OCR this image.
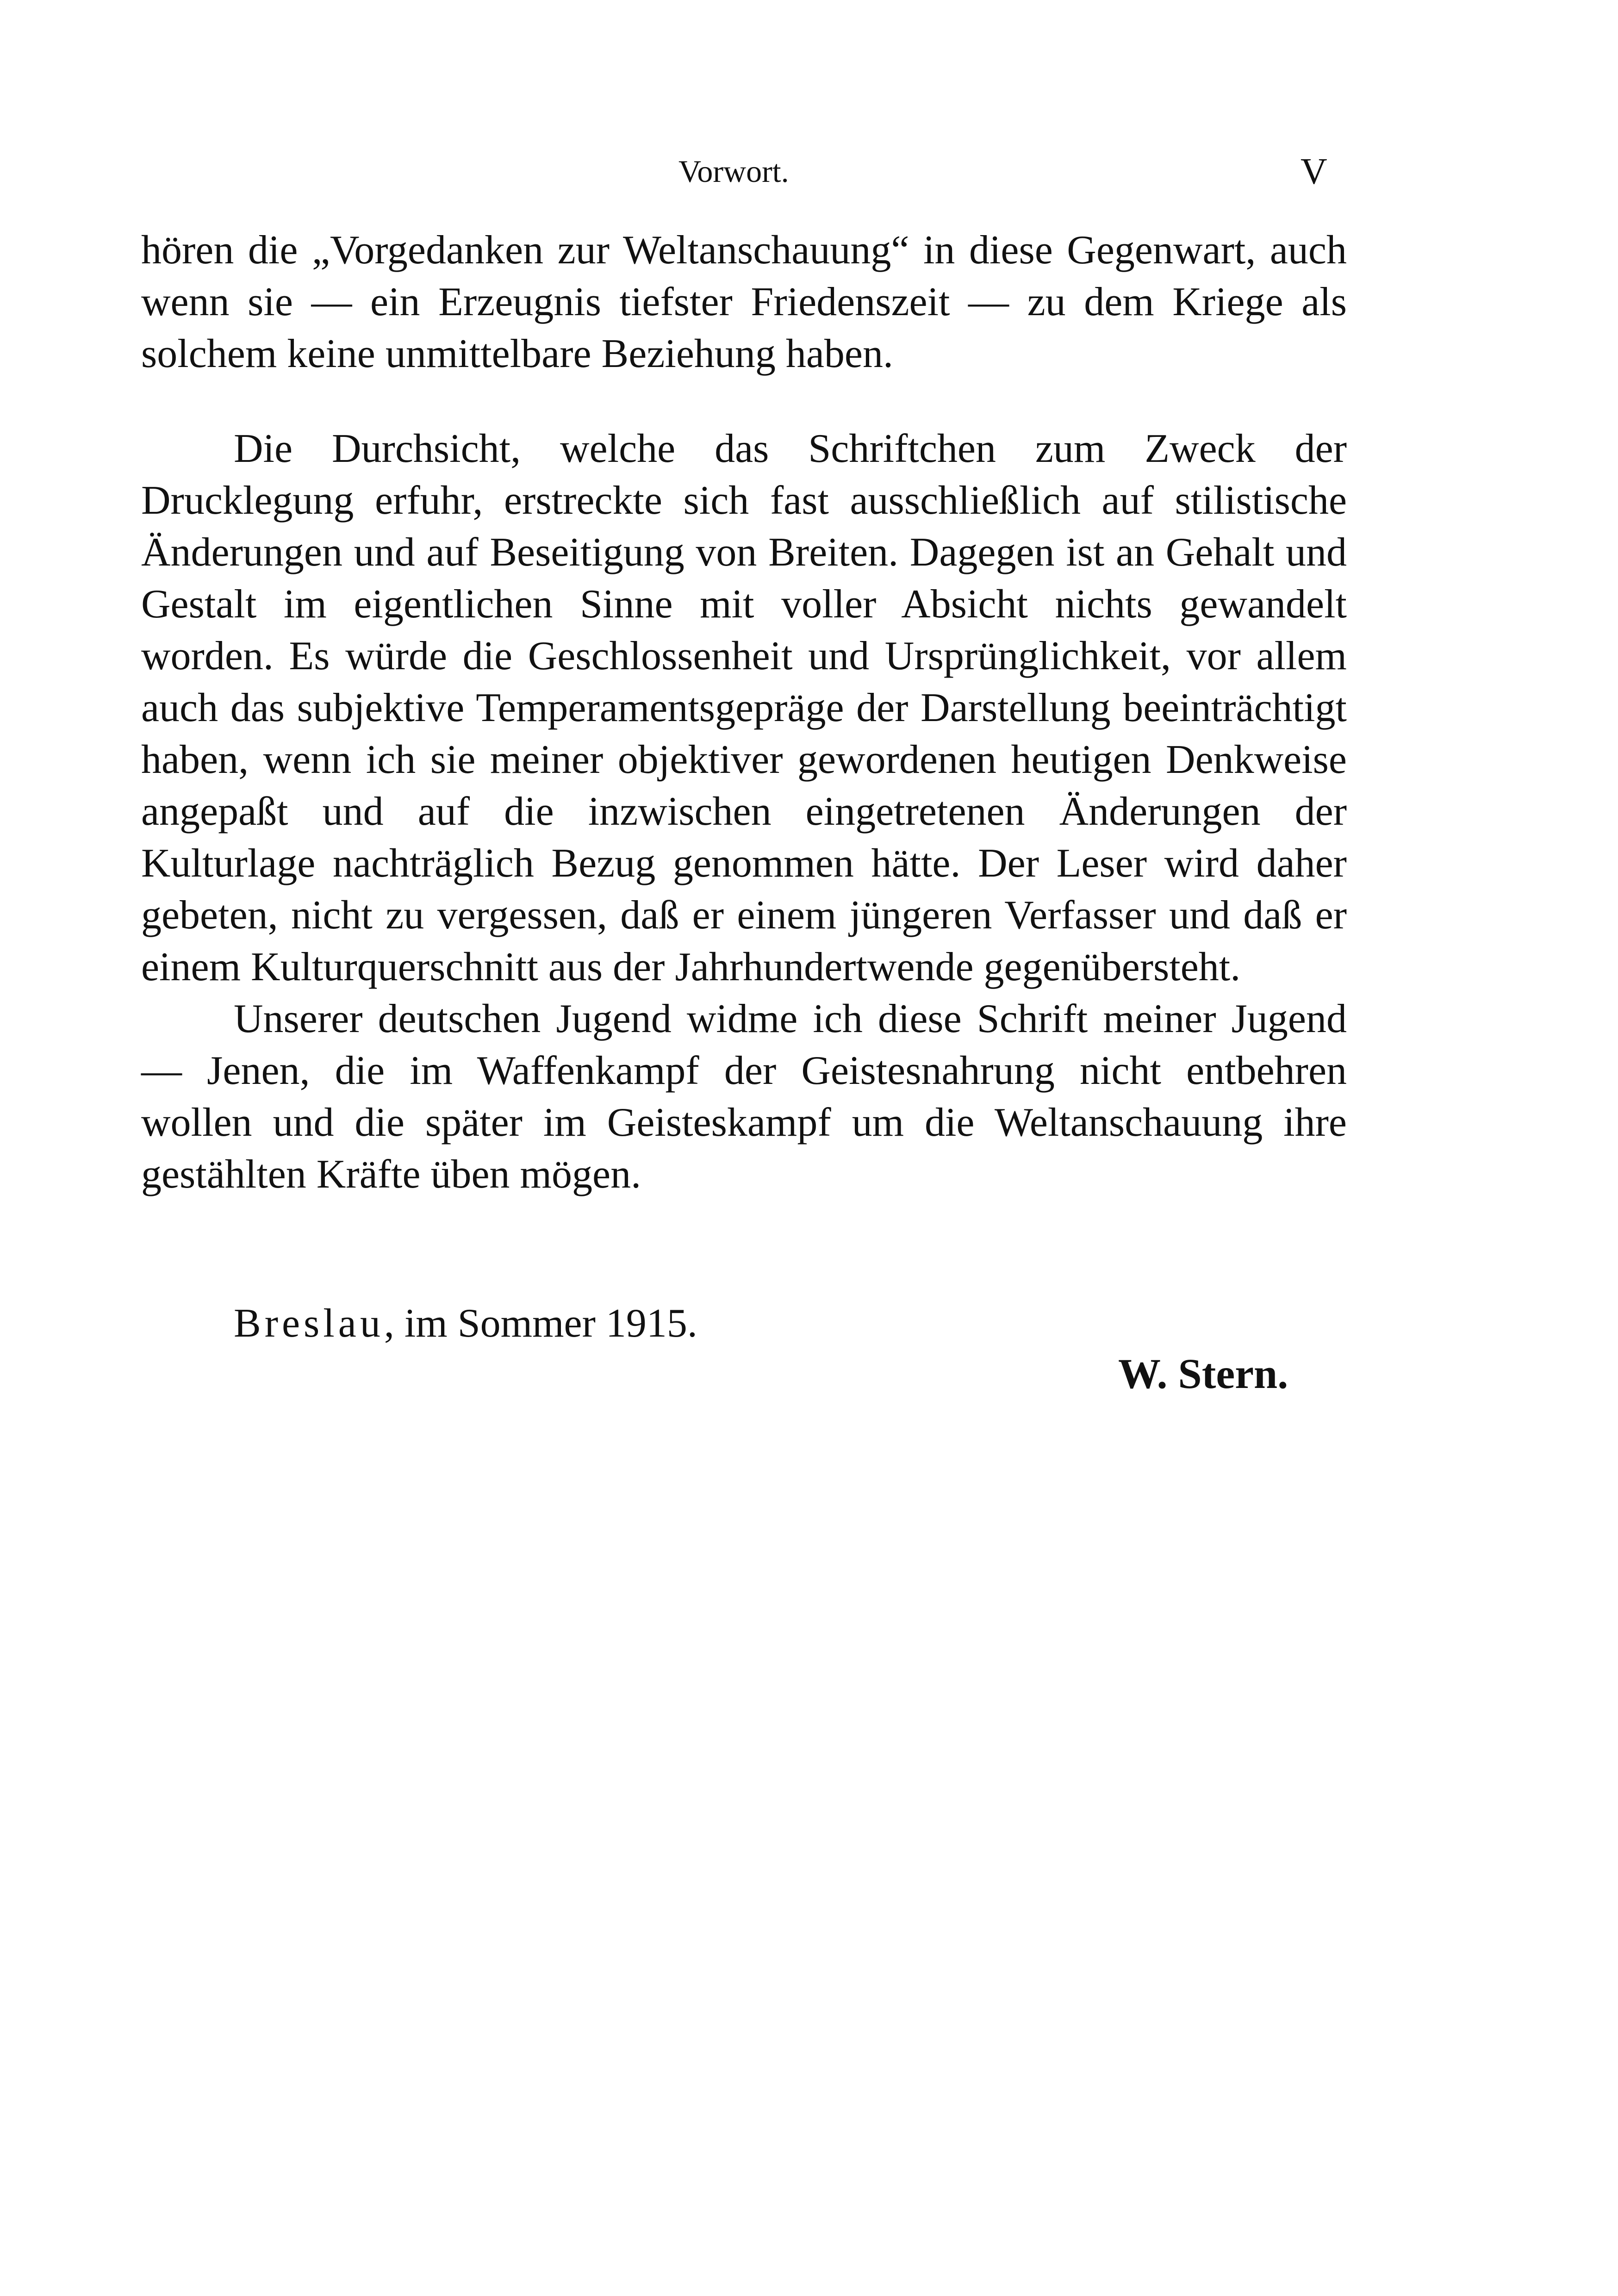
Vorwort.	V

hören die „Vorgedanken zur Weltanschauung“ in diese Gegenwart, auch wenn sie — ein Erzeugnis tiefster Friedenszeit — zu dem Kriege als solchem keine unmittelbare Beziehung haben.

Die Durchsicht, welche das Schriftchen zum Zweck der Drucklegung erfuhr, erstreckte sich fast ausschließlich auf stilistische Änderungen und auf Beseitigung von Breiten. Dagegen ist an Gehalt und Gestalt im eigentlichen Sinne mit voller Absicht nichts gewandelt worden. Es würde die Geschlossenheit und Ursprünglichkeit, vor allem auch das subjektive Temperamentsgepräge der Darstellung beeinträchtigt haben, wenn ich sie meiner objektiver gewordenen heutigen Denkweise angepaßt und auf die inzwischen eingetretenen Änderungen der Kulturlage nachträglich Bezug genommen hätte. Der Leser wird daher gebeten, nicht zu vergessen, daß er einem jüngeren Verfasser und daß er einem Kulturquerschnitt aus der Jahrhundertwende gegenübersteht.

Unserer deutschen Jugend widme ich diese Schrift meiner Jugend — Jenen, die im Waffenkampf der Geistesnahrung nicht entbehren wollen und die später im Geisteskampf um die Weltanschauung ihre gestählten Kräfte üben mögen.

Breslau, im Sommer 1915.
W. Stern.
